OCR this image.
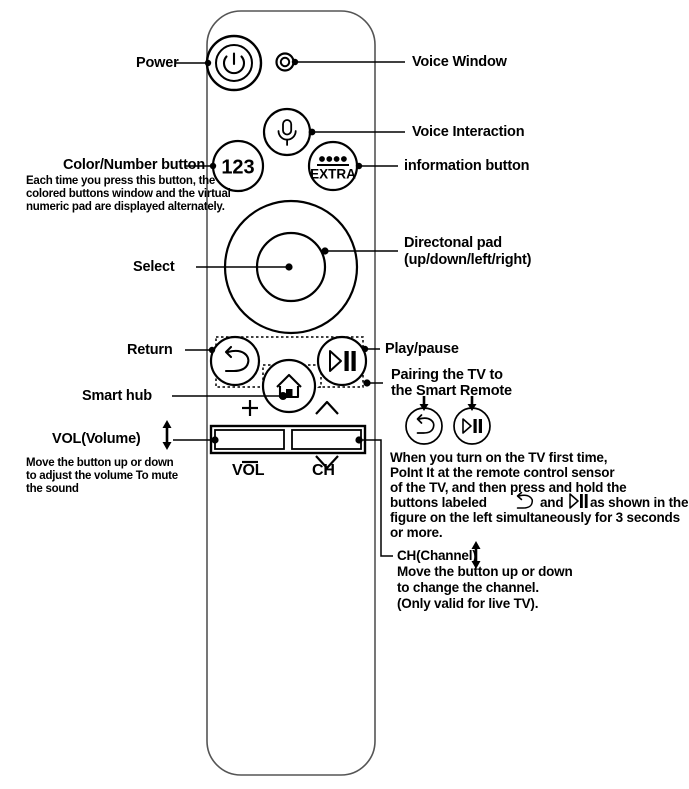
123	EXTRA
Power
Color/Number button
Each time you press this button, the
colored buttons window and the virtual
numeric pad are displayed alternately.
Select
Return
Smart hub
VOL(Volume)
Move the button up or down
to adjust the volume To mute
the sound
Voice Window
Voice Interaction
information button
Directonal pad
(up/down/left/right)
Play/pause
Pairing the TV to
the Smart Remote
When you turn on the TV first time,
PoInt It at the remote control sensor
of the TV, and then press and hold the
buttons labeled	and as shown in the
figure on the left simultaneously for 3 seconds
or more.
CH(Channel)
Move the button up or down
to change the channel.
(Only valid for live TV).
VOL	CH
